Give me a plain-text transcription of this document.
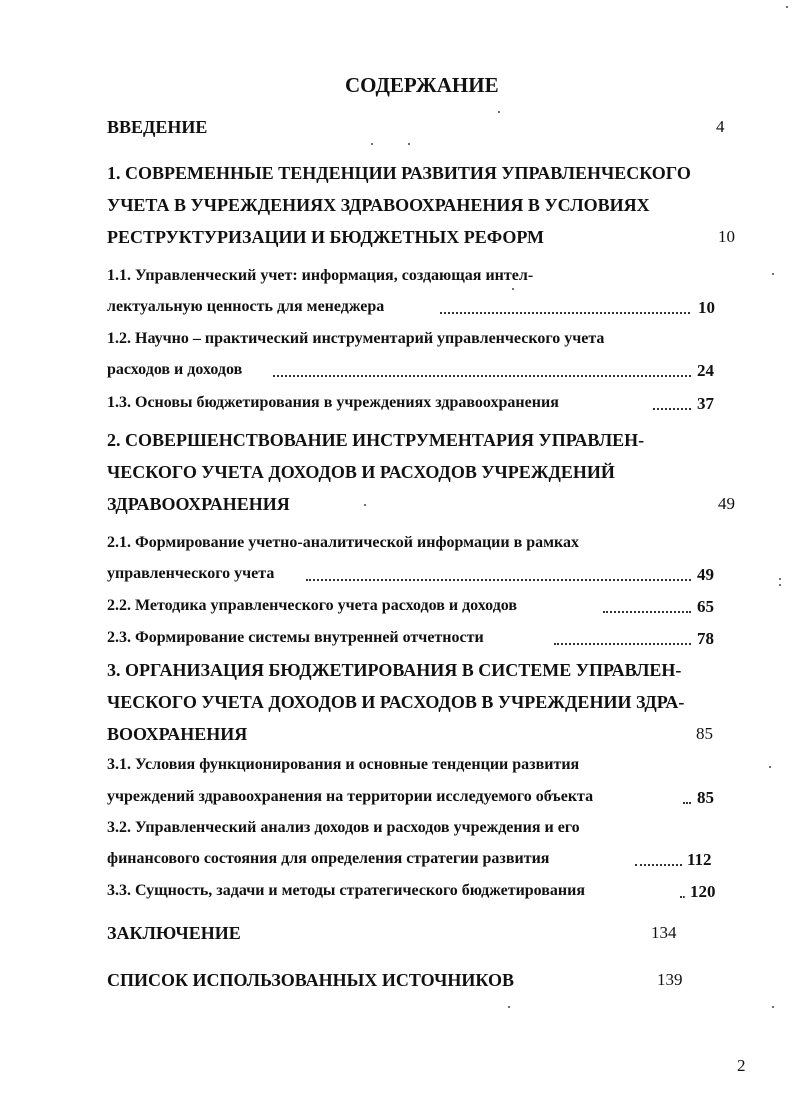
СОДЕРЖАНИЕ
ВВЕДЕНИЕ	4
1. СОВРЕМЕННЫЕ ТЕНДЕНЦИИ РАЗВИТИЯ УПРАВЛЕНЧЕСКОГО
УЧЕТА В УЧРЕЖДЕНИЯХ ЗДРАВООХРАНЕНИЯ В УСЛОВИЯХ
РЕСТРУКТУРИЗАЦИИ И БЮДЖЕТНЫХ РЕФОРМ	10
1.1. Управленческий учет: информация, создающая интел-
лектуальную ценность для менеджера	10
1.2. Научно – практический инструментарий управленческого учета
расходов и доходов	24
1.3. Основы бюджетирования в учреждениях здравоохранения	37
2. СОВЕРШЕНСТВОВАНИЕ ИНСТРУМЕНТАРИЯ УПРАВЛЕН-
ЧЕСКОГО УЧЕТА ДОХОДОВ И РАСХОДОВ УЧРЕЖДЕНИЙ
ЗДРАВООХРАНЕНИЯ	49
2.1. Формирование учетно-аналитической информации в рамках
управленческого учета	49
2.2. Методика управленческого учета расходов и доходов	65
2.3. Формирование системы внутренней отчетности	78
3. ОРГАНИЗАЦИЯ БЮДЖЕТИРОВАНИЯ В СИСТЕМЕ УПРАВЛЕН-
ЧЕСКОГО УЧЕТА ДОХОДОВ И РАСХОДОВ В УЧРЕЖДЕНИИ ЗДРА-
ВООХРАНЕНИЯ	85
3.1. Условия функционирования и основные тенденции развития
учреждений здравоохранения на территории исследуемого объекта	85
3.2. Управленческий анализ доходов и расходов учреждения и его
финансового состояния для определения стратегии развития	112
3.3. Сущность, задачи и методы стратегического бюджетирования	120
ЗАКЛЮЧЕНИЕ	134
СПИСОК ИСПОЛЬЗОВАННЫХ ИСТОЧНИКОВ	139
2
